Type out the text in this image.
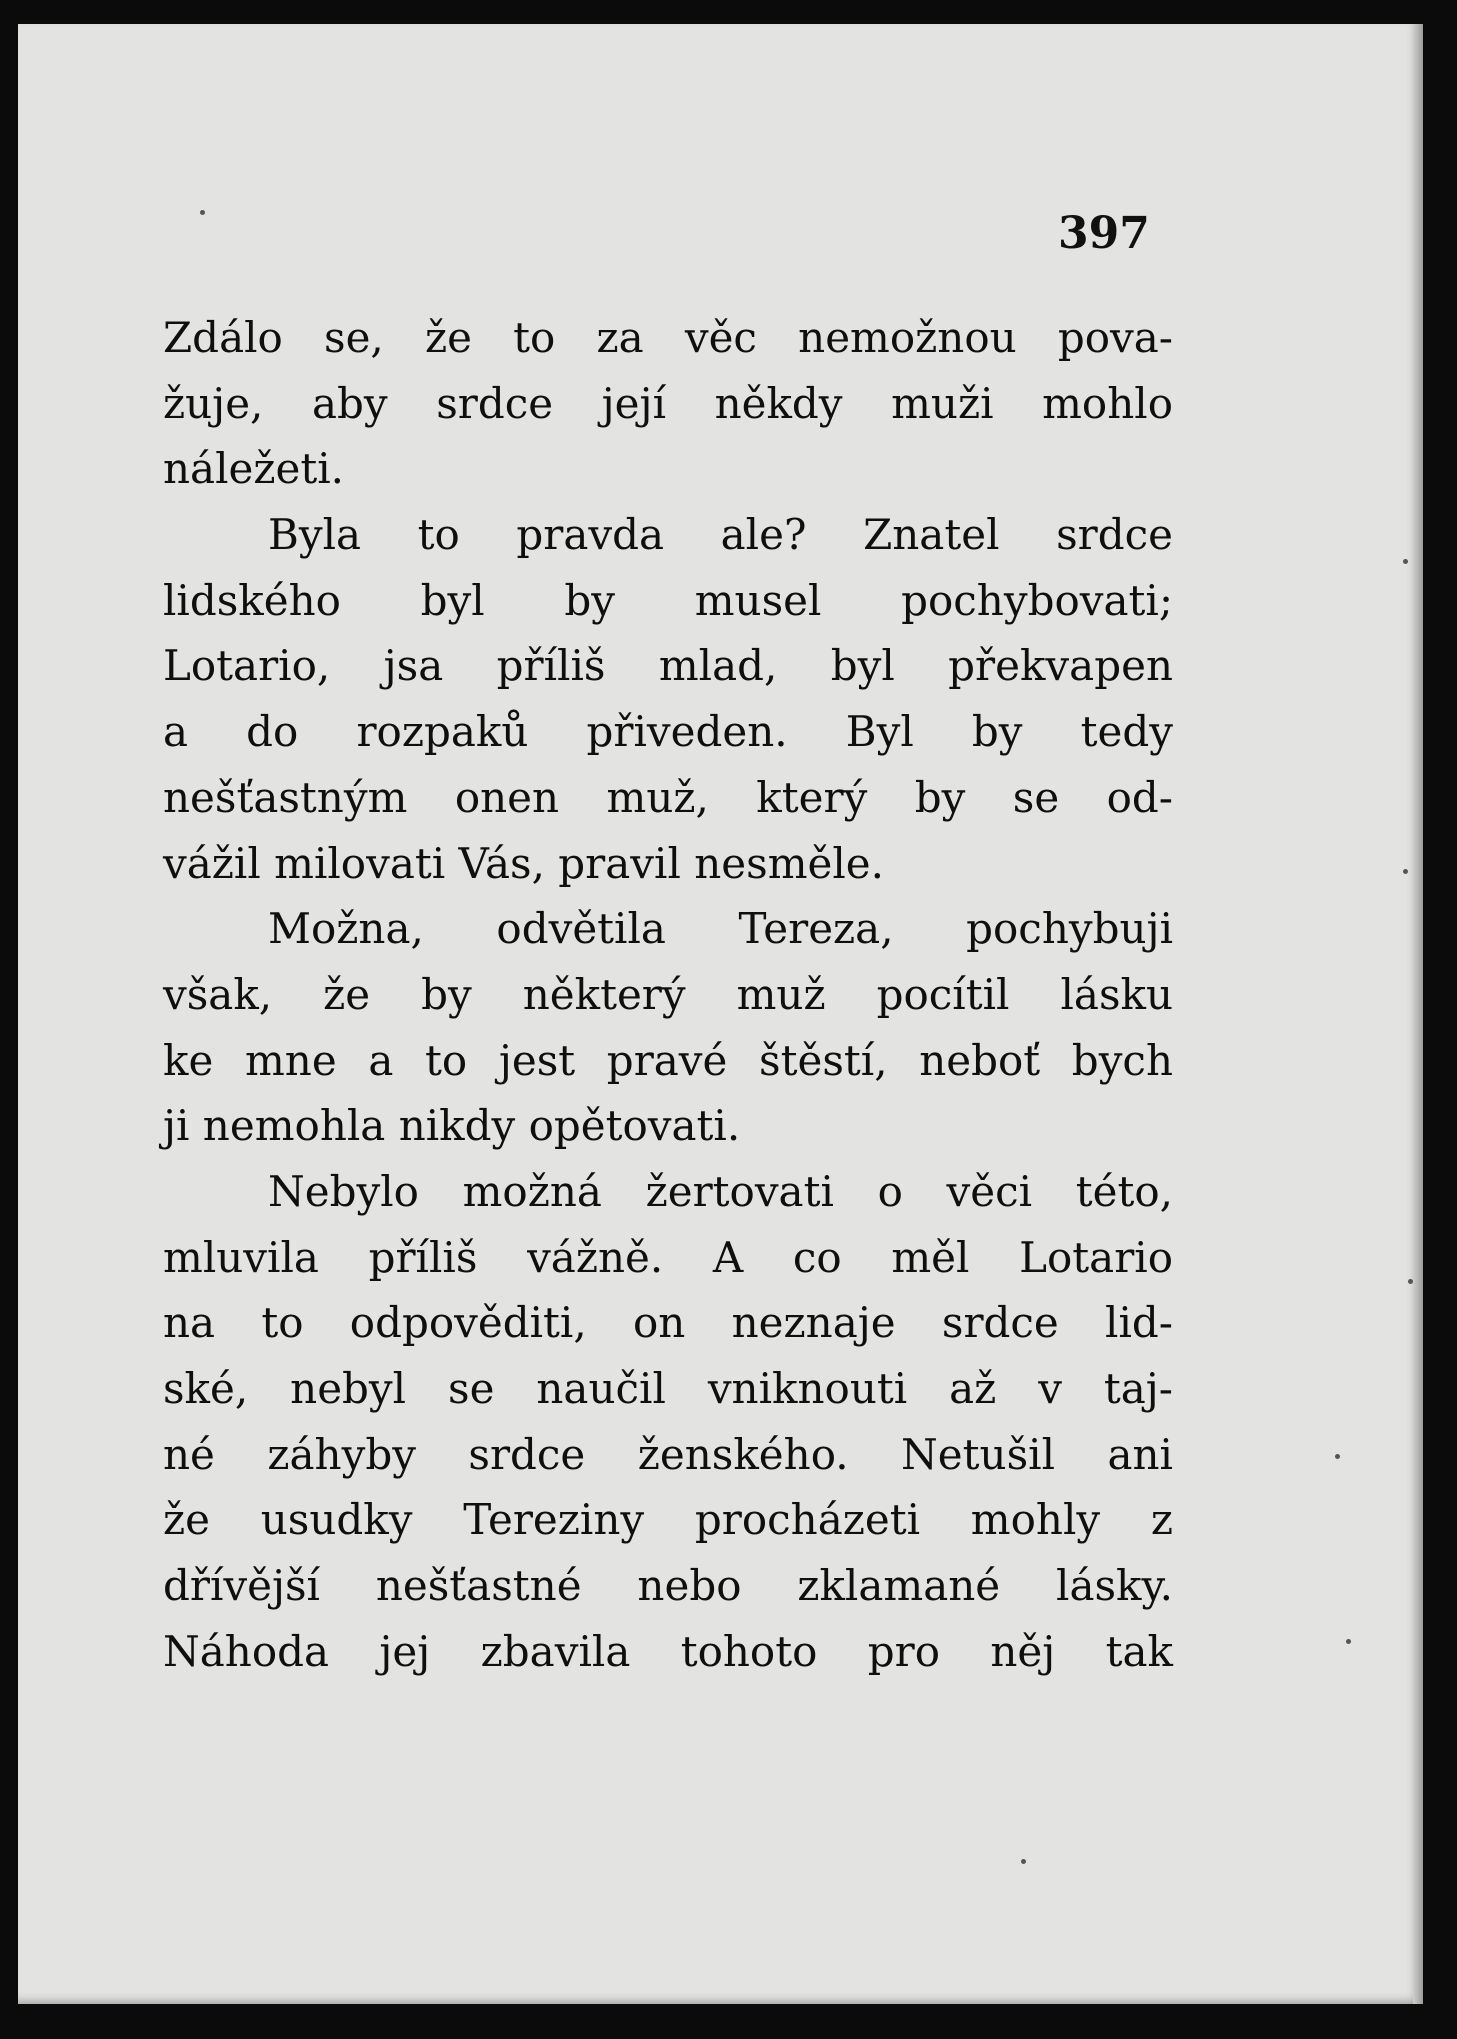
397
Zdálo se, že to za věc nemožnou pova-
žuje, aby srdce její někdy muži mohlo
náležeti.
Byla to pravda ale? Znatel srdce
lidského byl by musel pochybovati;
Lotario, jsa příliš mlad, byl překvapen
a do rozpaků přiveden. Byl by tedy
nešťastným onen muž, který by se od-
vážil milovati Vás, pravil nesměle.
Možna, odvětila Tereza, pochybuji
však, že by některý muž pocítil lásku
ke mne a to jest pravé štěstí, neboť bych
ji nemohla nikdy opětovati.
Nebylo možná žertovati o věci této,
mluvila příliš vážně. A co měl Lotario
na to odpověditi, on neznaje srdce lid-
ské, nebyl se naučil vniknouti až v taj-
né záhyby srdce ženského. Netušil ani
že usudky Tereziny procházeti mohly z
dřívější nešťastné nebo zklamané lásky.
Náhoda jej zbavila tohoto pro něj tak
